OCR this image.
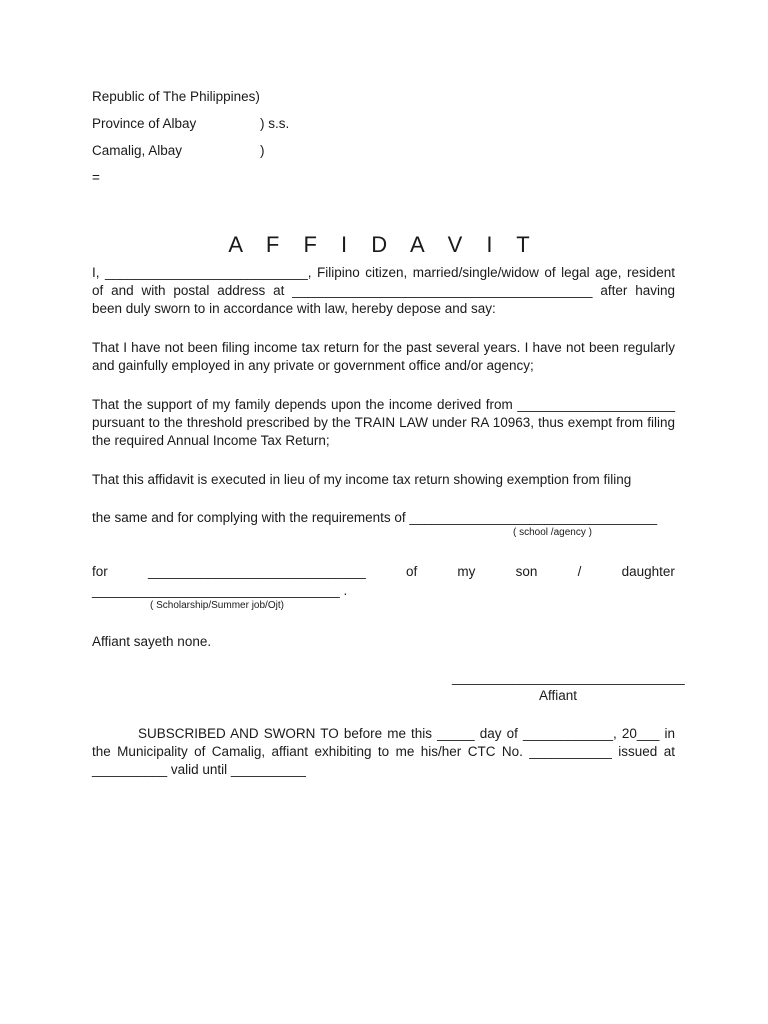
Republic of The Philippines)
Province of Albay	) s.s.
Camalig, Albay	)
=
A F F I D A V I T
I, ___________________________, Filipino citizen, married/single/widow of legal age, resident of and with postal address at ________________________________________ after having been duly sworn to in accordance with law, hereby depose and say:
That I have not been filing income tax return for the past several years. I have not been regularly and gainfully employed in any private or government office and/or agency;
That the support of my family depends upon the income derived from _____________________ pursuant to the threshold prescribed by the TRAIN LAW under RA 10963, thus exempt from filing the required Annual Income Tax Return;
That this affidavit is executed in lieu of my income tax return showing exemption from filing
the same and for complying with the requirements of _________________________________
( school /agency )
for	_____________________________	of	my	son	/	daughter
_________________________________ .
( Scholarship/Summer job/Ojt)
Affiant sayeth none.
_______________________________
Affiant
SUBSCRIBED AND SWORN TO before me this _____ day of ____________, 20___ in the Municipality of Camalig, affiant exhibiting to me his/her CTC No. ___________ issued at __________ valid until __________
